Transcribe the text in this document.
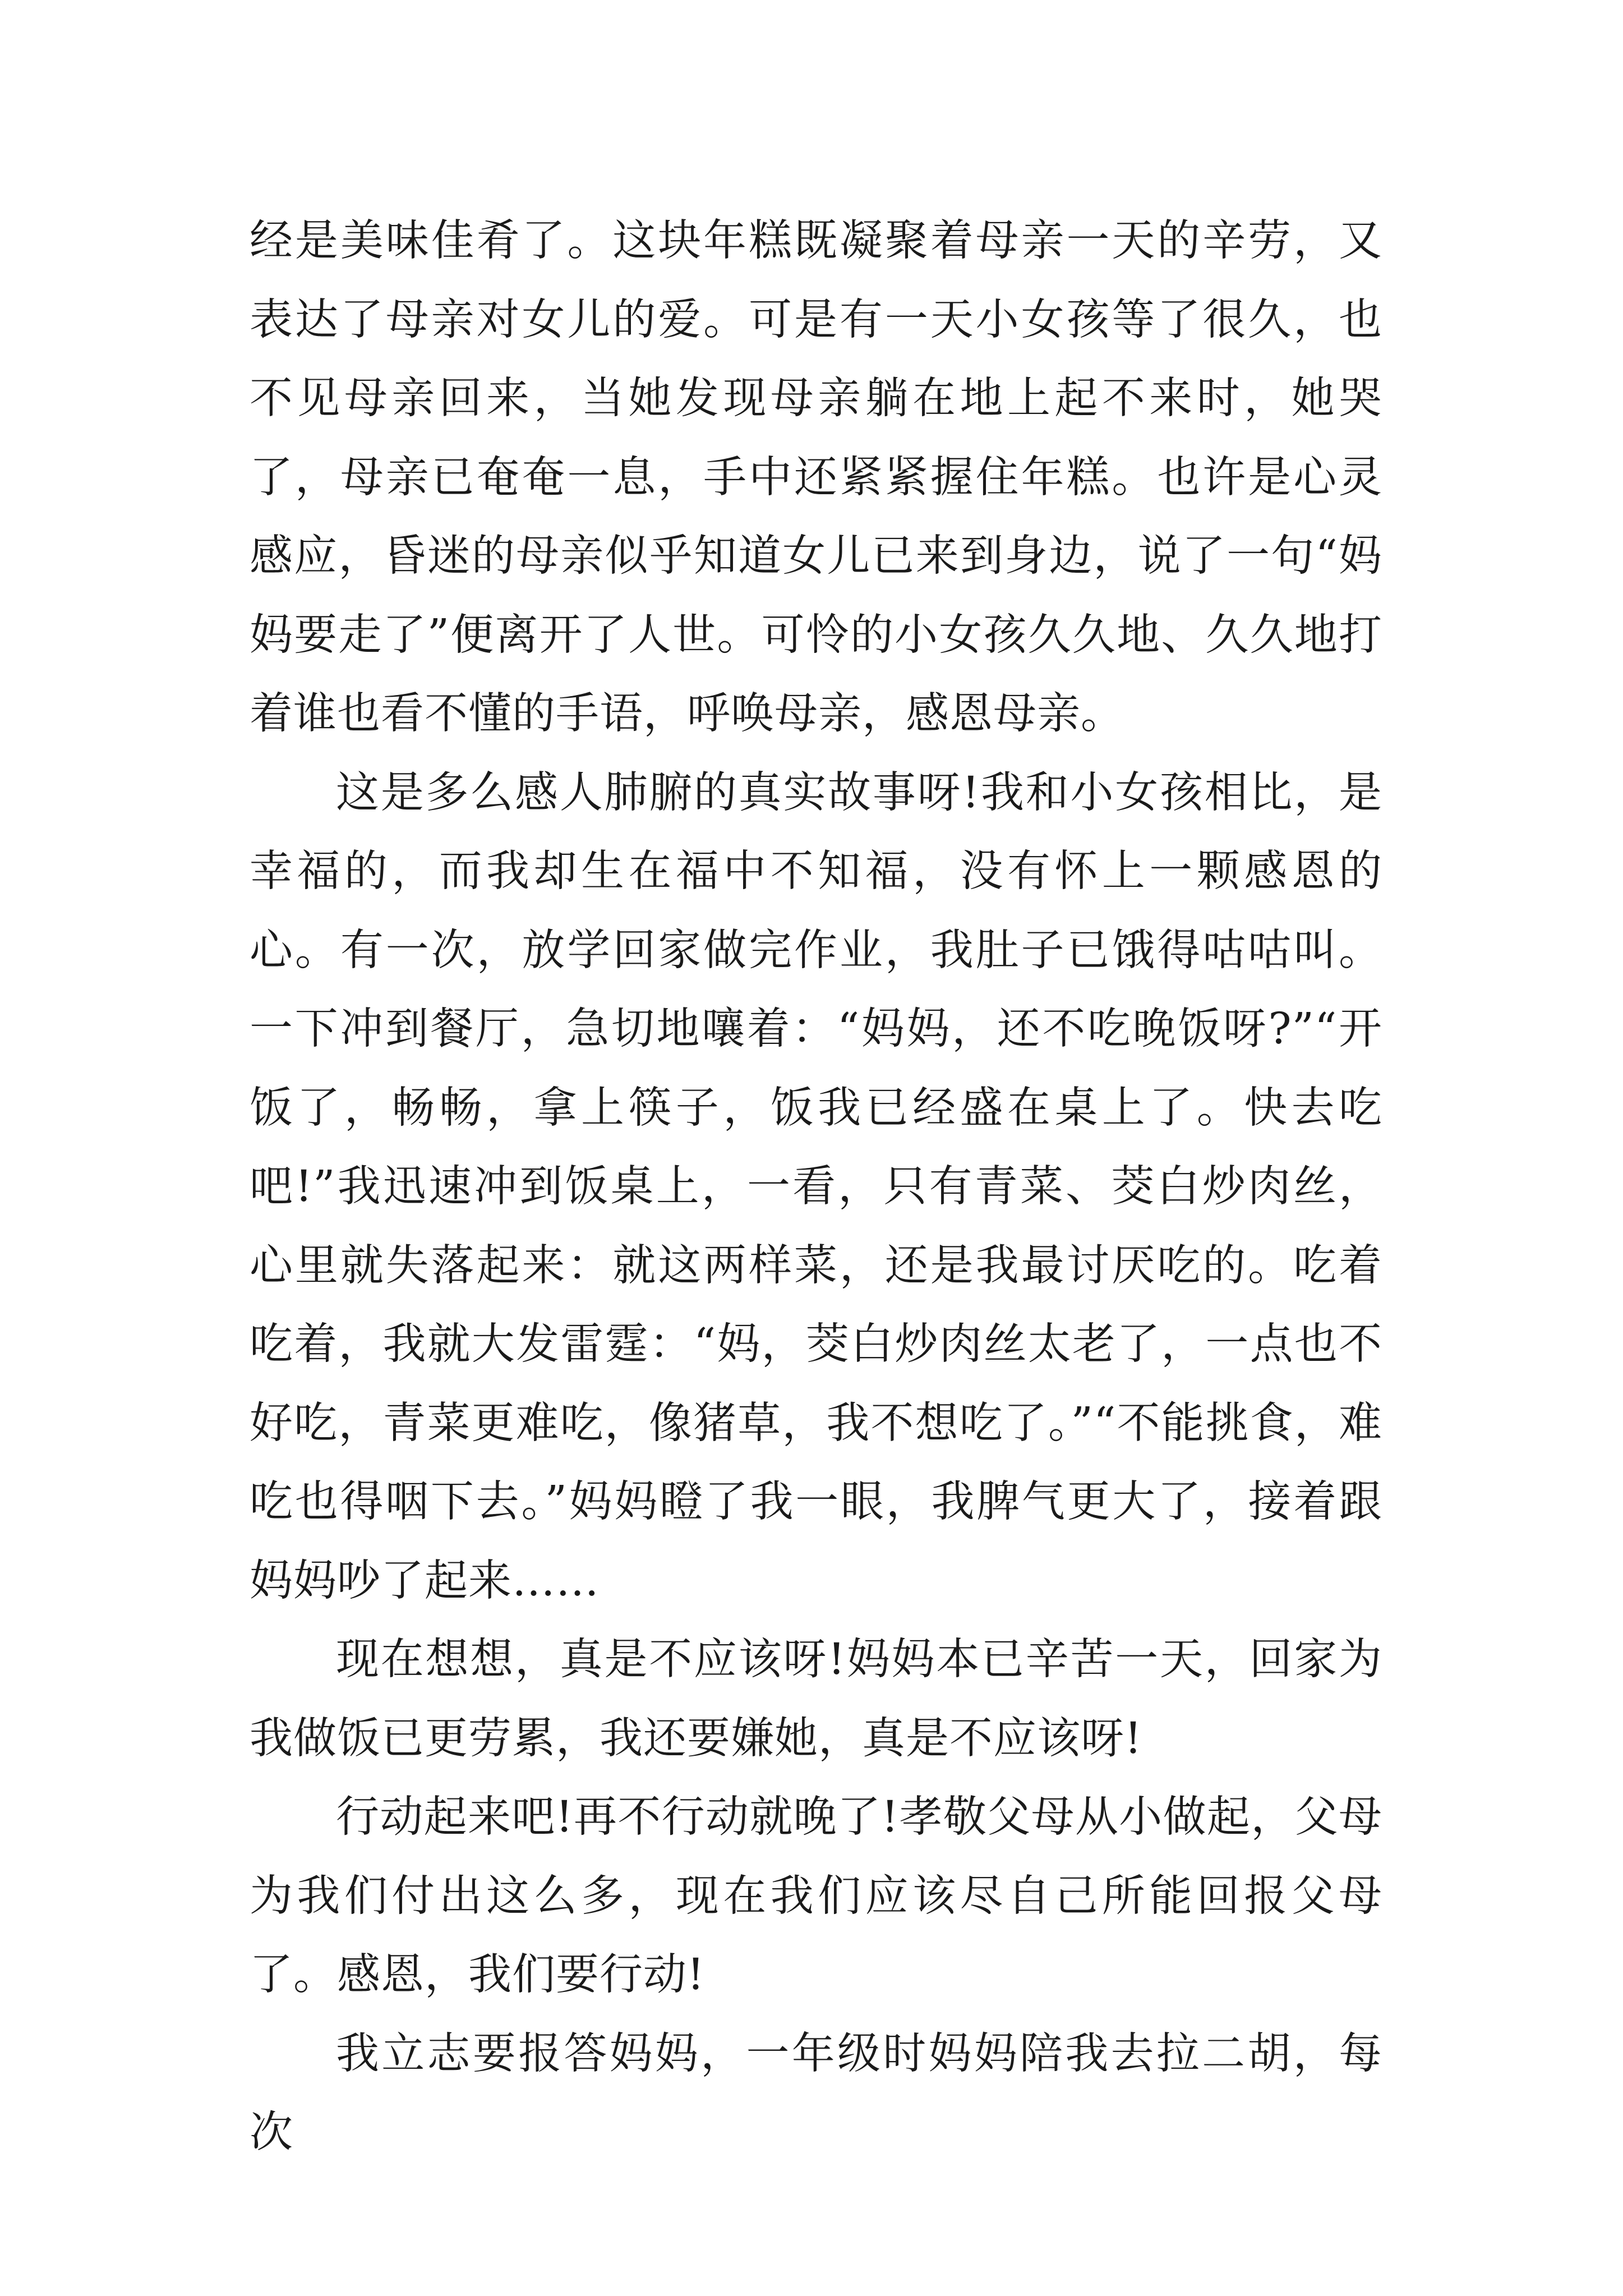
经是美味佳肴了。这块年糕既凝聚着母亲一天的辛劳，又表达了母亲对女儿的爱。可是有一天小女孩等了很久，也不见母亲回来，当她发现母亲躺在地上起不来时，她哭了，母亲已奄奄一息，手中还紧紧握住年糕。也许是心灵感应，昏迷的母亲似乎知道女儿已来到身边，说了一句“妈妈要走了”便离开了人世。可怜的小女孩久久地、久久地打着谁也看不懂的手语，呼唤母亲，感恩母亲。

这是多么感人肺腑的真实故事呀!我和小女孩相比，是幸福的，而我却生在福中不知福，没有怀上一颗感恩的心。有一次，放学回家做完作业，我肚子已饿得咕咕叫。一下冲到餐厅，急切地嚷着：“妈妈，还不吃晚饭呀?”“开饭了，畅畅，拿上筷子，饭我已经盛在桌上了。快去吃吧!”我迅速冲到饭桌上，一看，只有青菜、茭白炒肉丝，心里就失落起来：就这两样菜，还是我最讨厌吃的。吃着吃着，我就大发雷霆：“妈，茭白炒肉丝太老了，一点也不好吃，青菜更难吃，像猪草，我不想吃了。”“不能挑食，难吃也得咽下去。”妈妈瞪了我一眼，我脾气更大了，接着跟妈妈吵了起来……

现在想想，真是不应该呀!妈妈本已辛苦一天，回家为我做饭已更劳累，我还要嫌她，真是不应该呀!

行动起来吧!再不行动就晚了!孝敬父母从小做起，父母为我们付出这么多，现在我们应该尽自己所能回报父母了。感恩，我们要行动!

我立志要报答妈妈，一年级时妈妈陪我去拉二胡，每次
